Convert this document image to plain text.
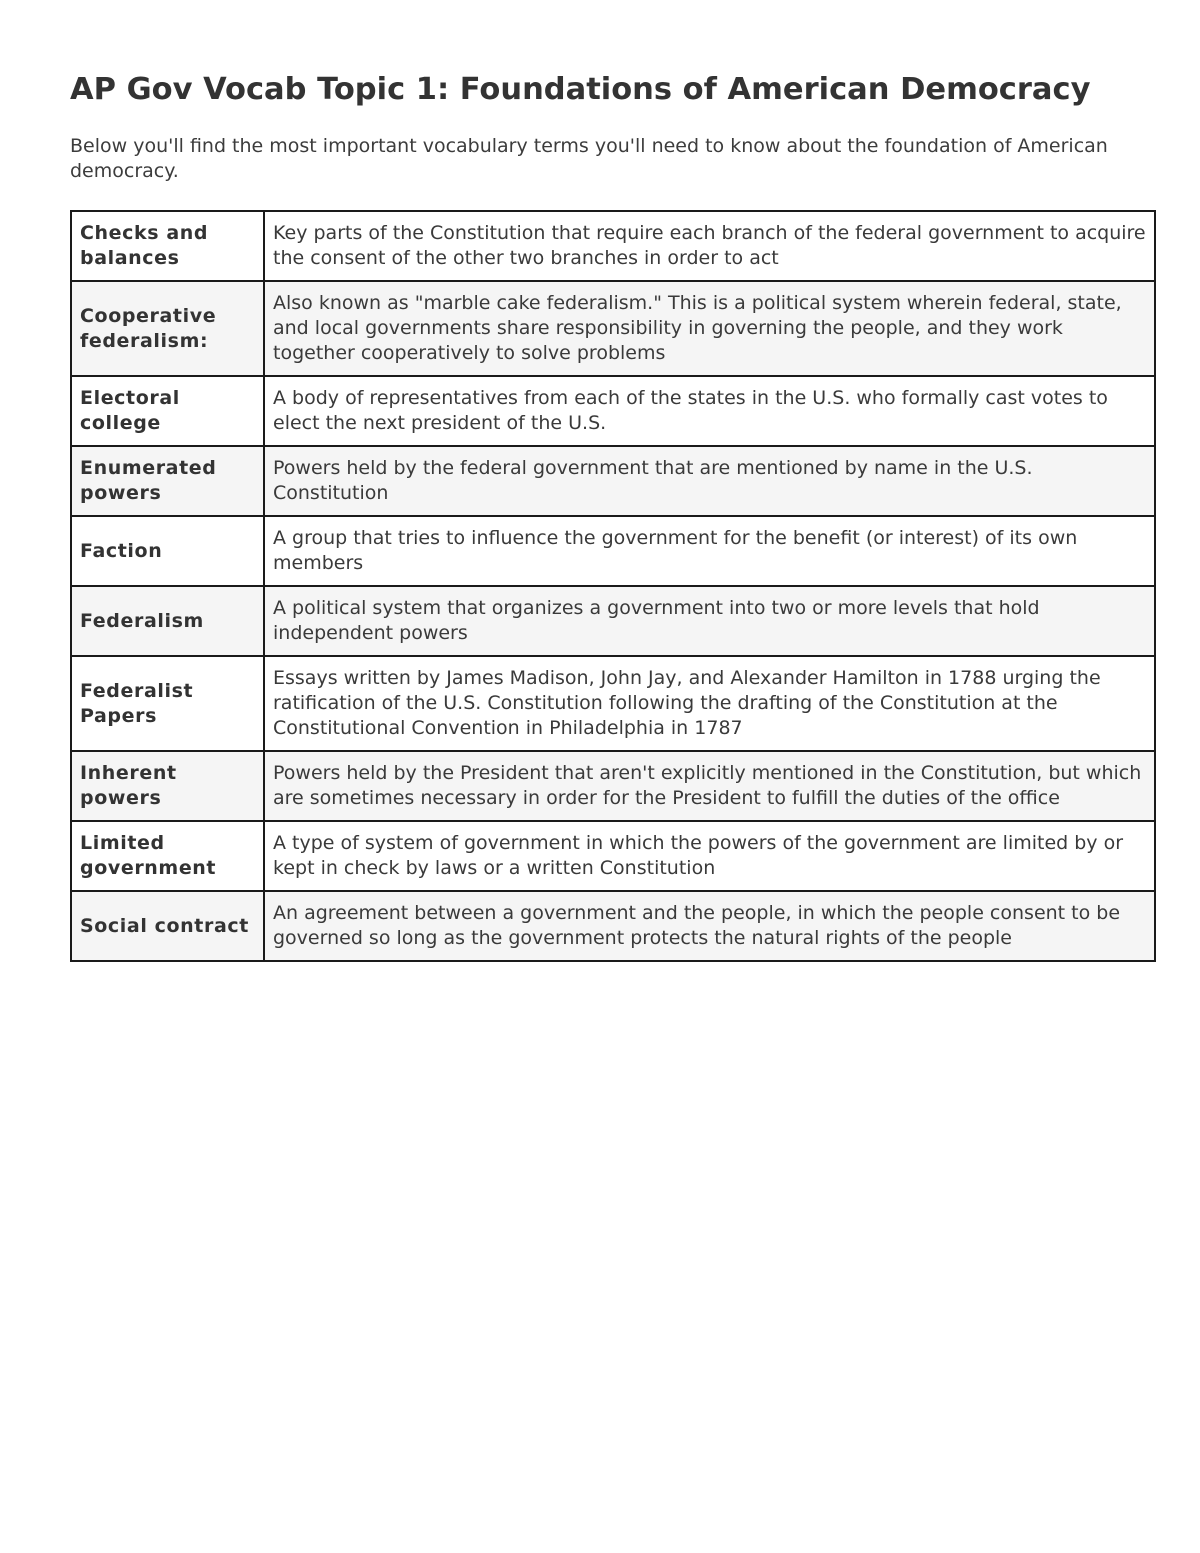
AP Gov Vocab Topic 1: Foundations of American Democracy

Below you'll find the most important vocabulary terms you'll need to know about the foundation of American democracy.

Checks and balances	Key parts of the Constitution that require each branch of the federal government to acquire the consent of the other two branches in order to act
Cooperative federalism:	Also known as "marble cake federalism." This is a political system wherein federal, state, and local governments share responsibility in governing the people, and they work together cooperatively to solve problems
Electoral college	A body of representatives from each of the states in the U.S. who formally cast votes to elect the next president of the U.S.
Enumerated powers	Powers held by the federal government that are mentioned by name in the U.S. Constitution
Faction	A group that tries to influence the government for the benefit (or interest) of its own members
Federalism	A political system that organizes a government into two or more levels that hold independent powers
Federalist Papers	Essays written by James Madison, John Jay, and Alexander Hamilton in 1788 urging the ratification of the U.S. Constitution following the drafting of the Constitution at the Constitutional Convention in Philadelphia in 1787
Inherent powers	Powers held by the President that aren't explicitly mentioned in the Constitution, but which are sometimes necessary in order for the President to fulfill the duties of the office
Limited government	A type of system of government in which the powers of the government are limited by or kept in check by laws or a written Constitution
Social contract	An agreement between a government and the people, in which the people consent to be governed so long as the government protects the natural rights of the people
